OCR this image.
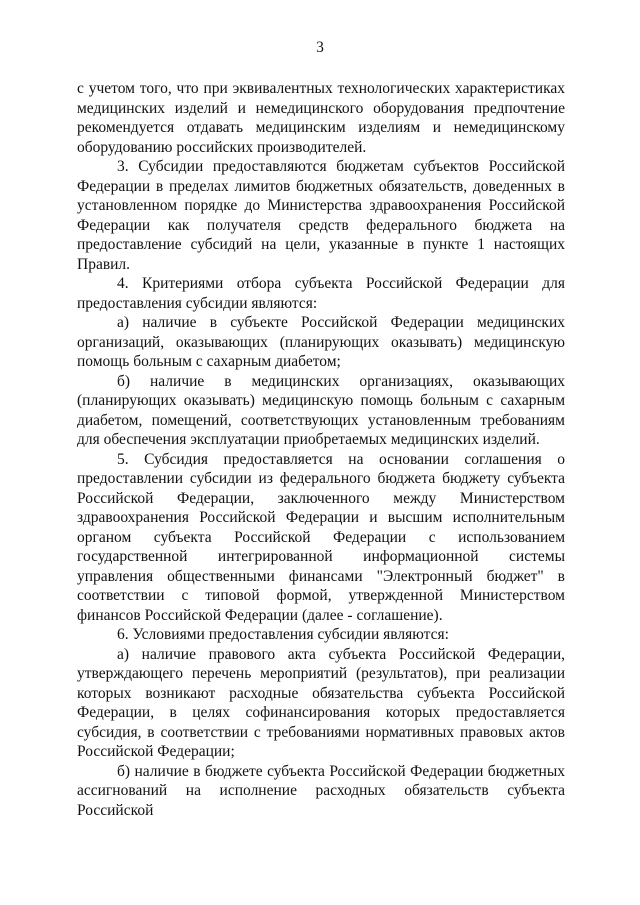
3

с учетом того, что при эквивалентных технологических характеристиках медицинских изделий и немедицинского оборудования предпочтение рекомендуется отдавать медицинским изделиям и немедицинскому оборудованию российских производителей.

3. Субсидии предоставляются бюджетам субъектов Российской Федерации в пределах лимитов бюджетных обязательств, доведенных в установленном порядке до Министерства здравоохранения Российской Федерации как получателя средств федерального бюджета на предоставление субсидий на цели, указанные в пункте 1 настоящих Правил.

4. Критериями отбора субъекта Российской Федерации для предоставления субсидии являются:

а) наличие в субъекте Российской Федерации медицинских организаций, оказывающих (планирующих оказывать) медицинскую помощь больным с сахарным диабетом;

б) наличие в медицинских организациях, оказывающих (планирующих оказывать) медицинскую помощь больным с сахарным диабетом, помещений, соответствующих установленным требованиям для обеспечения эксплуатации приобретаемых медицинских изделий.

5. Субсидия предоставляется на основании соглашения о предоставлении субсидии из федерального бюджета бюджету субъекта Российской Федерации, заключенного между Министерством здравоохранения Российской Федерации и высшим исполнительным органом субъекта Российской Федерации с использованием государственной интегрированной информационной системы управления общественными финансами "Электронный бюджет" в соответствии с типовой формой, утвержденной Министерством финансов Российской Федерации (далее - соглашение).

6. Условиями предоставления субсидии являются:

а) наличие правового акта субъекта Российской Федерации, утверждающего перечень мероприятий (результатов), при реализации которых возникают расходные обязательства субъекта Российской Федерации, в целях софинансирования которых предоставляется субсидия, в соответствии с требованиями нормативных правовых актов Российской Федерации;

б) наличие в бюджете субъекта Российской Федерации бюджетных ассигнований на исполнение расходных обязательств субъекта Российской
